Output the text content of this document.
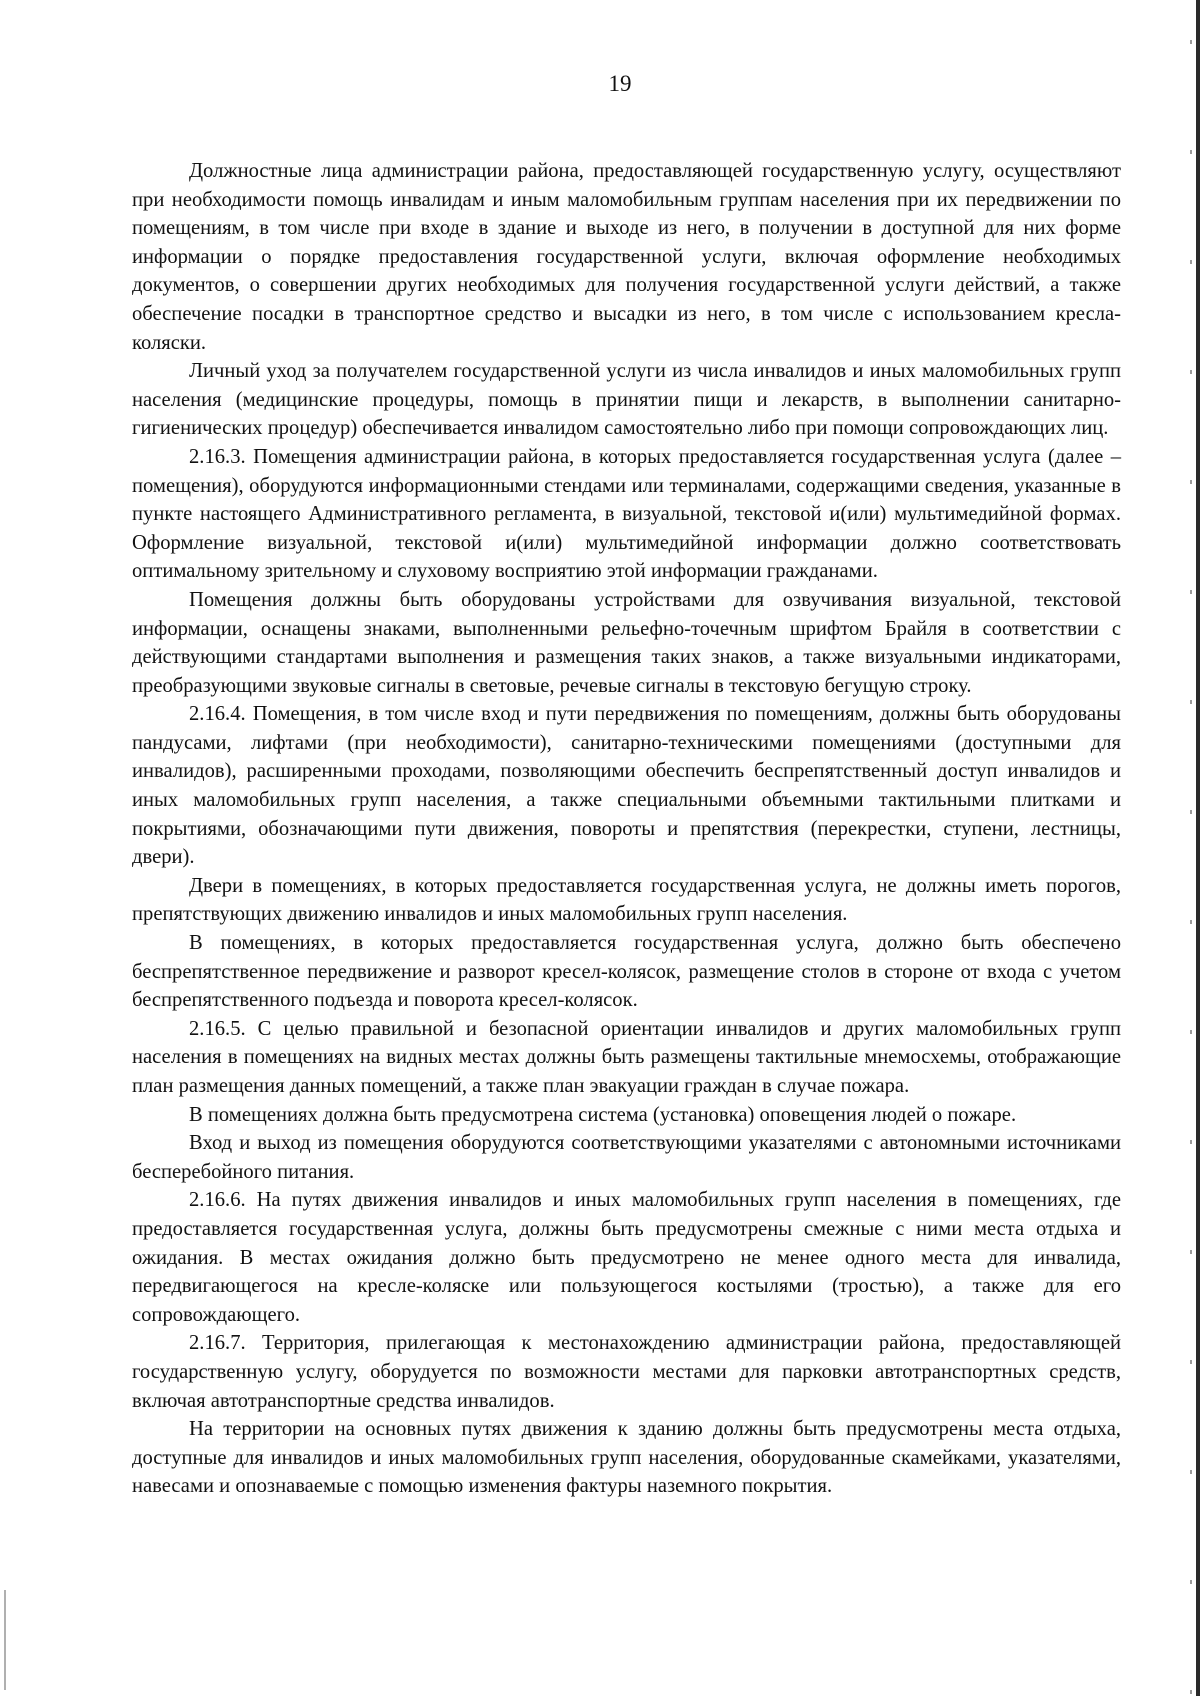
19

Должностные лица администрации района, предоставляющей государственную услугу, осуществляют при необходимости помощь инвалидам и иным маломобильным группам населения при их передвижении по помещениям, в том числе при входе в здание и выходе из него, в получении в доступной для них форме информации о порядке предоставления государственной услуги, включая оформление необходимых документов, о совершении других необходимых для получения государственной услуги действий, а также обеспечение посадки в транспортное средство и высадки из него, в том числе с использованием кресла-коляски.

Личный уход за получателем государственной услуги из числа инвалидов и иных маломобильных групп населения (медицинские процедуры, помощь в принятии пищи и лекарств, в выполнении санитарно-гигиенических процедур) обеспечивается инвалидом самостоятельно либо при помощи сопровождающих лиц.

2.16.3. Помещения администрации района, в которых предоставляется государственная услуга (далее – помещения), оборудуются информационными стендами или терминалами, содержащими сведения, указанные в пункте настоящего Административного регламента, в визуальной, текстовой и(или) мультимедийной формах. Оформление визуальной, текстовой и(или) мультимедийной информации должно соответствовать оптимальному зрительному и слуховому восприятию этой информации гражданами.

Помещения должны быть оборудованы устройствами для озвучивания визуальной, текстовой информации, оснащены знаками, выполненными рельефно-точечным шрифтом Брайля в соответствии с действующими стандартами выполнения и размещения таких знаков, а также визуальными индикаторами, преобразующими звуковые сигналы в световые, речевые сигналы в текстовую бегущую строку.

2.16.4. Помещения, в том числе вход и пути передвижения по помещениям, должны быть оборудованы пандусами, лифтами (при необходимости), санитарно-техническими помещениями (доступными для инвалидов), расширенными проходами, позволяющими обеспечить беспрепятственный доступ инвалидов и иных маломобильных групп населения, а также специальными объемными тактильными плитками и покрытиями, обозначающими пути движения, повороты и препятствия (перекрестки, ступени, лестницы, двери).

Двери в помещениях, в которых предоставляется государственная услуга, не должны иметь порогов, препятствующих движению инвалидов и иных маломобильных групп населения.

В помещениях, в которых предоставляется государственная услуга, должно быть обеспечено беспрепятственное передвижение и разворот кресел-колясок, размещение столов в стороне от входа с учетом беспрепятственного подъезда и поворота кресел-колясок.

2.16.5. С целью правильной и безопасной ориентации инвалидов и других маломобильных групп населения в помещениях на видных местах должны быть размещены тактильные мнемосхемы, отображающие план размещения данных помещений, а также план эвакуации граждан в случае пожара.

В помещениях должна быть предусмотрена система (установка) оповещения людей о пожаре.

Вход и выход из помещения оборудуются соответствующими указателями с автономными источниками бесперебойного питания.

2.16.6. На путях движения инвалидов и иных маломобильных групп населения в помещениях, где предоставляется государственная услуга, должны быть предусмотрены смежные с ними места отдыха и ожидания. В местах ожидания должно быть предусмотрено не менее одного места для инвалида, передвигающегося на кресле-коляске или пользующегося костылями (тростью), а также для его сопровождающего.

2.16.7. Территория, прилегающая к местонахождению администрации района, предоставляющей государственную услугу, оборудуется по возможности местами для парковки автотранспортных средств, включая автотранспортные средства инвалидов.

На территории на основных путях движения к зданию должны быть предусмотрены места отдыха, доступные для инвалидов и иных маломобильных групп населения, оборудованные скамейками, указателями, навесами и опознаваемые с помощью изменения фактуры наземного покрытия.
